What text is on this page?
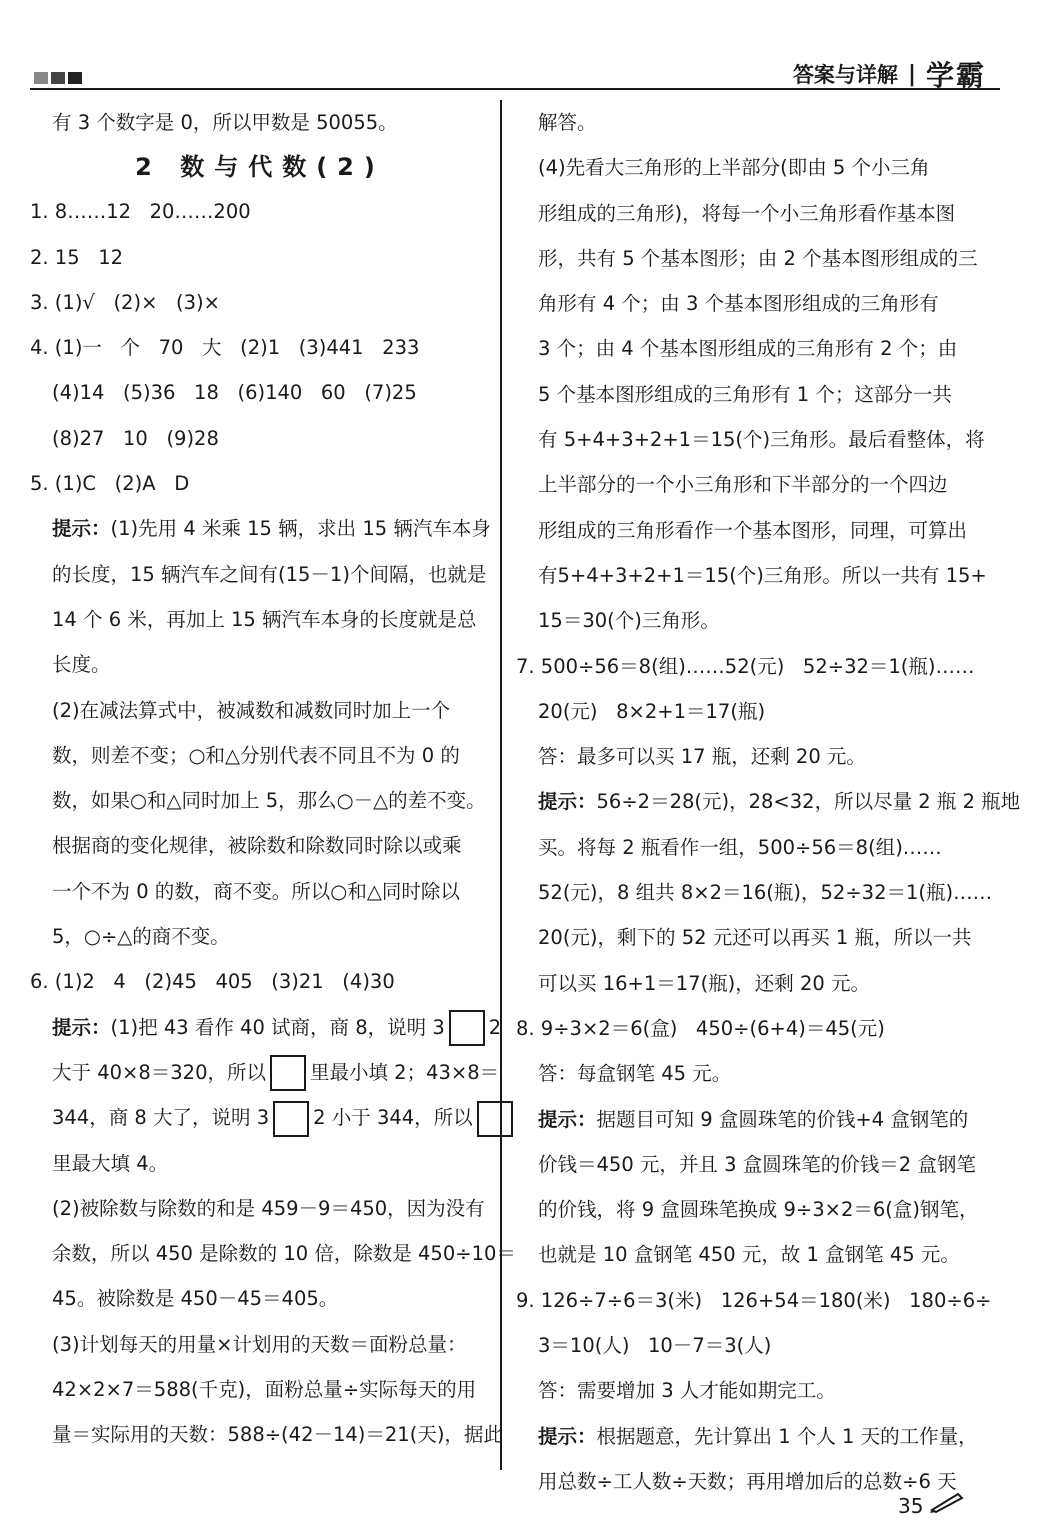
答案与详解 | 学霸
有 3 个数字是 0，所以甲数是 50055。
2 数与代数(2)
1. 8……12   20……200
2. 15   12
3. (1)√   (2)×   (3)×
4. (1)一   个   70   大   (2)1   (3)441   233
(4)14   (5)36   18   (6)140   60   (7)25
(8)27   10   (9)28
5. (1)C   (2)A   D
提示：(1)先用 4 米乘 15 辆，求出 15 辆汽车本身
的长度，15 辆汽车之间有(15－1)个间隔，也就是
14 个 6 米，再加上 15 辆汽车本身的长度就是总
长度。
(2)在减法算式中，被减数和减数同时加上一个
数，则差不变；○和△分别代表不同且不为 0 的
数，如果○和△同时加上 5，那么○－△的差不变。
根据商的变化规律，被除数和除数同时除以或乘
一个不为 0 的数，商不变。所以○和△同时除以
5，○÷△的商不变。
6. (1)2   4   (2)45   405   (3)21   (4)30
提示：(1)把 43 看作 40 试商，商 8，说明 3 2
大于 40×8＝320，所以 里最小填 2；43×8＝
344，商 8 大了，说明 3 2 小于 344，所以
里最大填 4。
(2)被除数与除数的和是 459－9＝450，因为没有
余数，所以 450 是除数的 10 倍，除数是 450÷10＝
45。被除数是 450－45＝405。
(3)计划每天的用量×计划用的天数＝面粉总量：
42×2×7＝588(千克)，面粉总量÷实际每天的用
量＝实际用的天数：588÷(42－14)＝21(天)，据此
解答。
(4)先看大三角形的上半部分(即由 5 个小三角
形组成的三角形)，将每一个小三角形看作基本图
形，共有 5 个基本图形；由 2 个基本图形组成的三
角形有 4 个；由 3 个基本图形组成的三角形有
3 个；由 4 个基本图形组成的三角形有 2 个；由
5 个基本图形组成的三角形有 1 个；这部分一共
有 5+4+3+2+1＝15(个)三角形。最后看整体，将
上半部分的一个小三角形和下半部分的一个四边
形组成的三角形看作一个基本图形，同理，可算出
有5+4+3+2+1＝15(个)三角形。所以一共有 15+
15＝30(个)三角形。
7. 500÷56＝8(组)……52(元)   52÷32＝1(瓶)……
20(元)   8×2+1＝17(瓶)
答：最多可以买 17 瓶，还剩 20 元。
提示：56÷2＝28(元)，28<32，所以尽量 2 瓶 2 瓶地
买。将每 2 瓶看作一组，500÷56＝8(组)……
52(元)，8 组共 8×2＝16(瓶)，52÷32＝1(瓶)……
20(元)，剩下的 52 元还可以再买 1 瓶，所以一共
可以买 16+1＝17(瓶)，还剩 20 元。
8. 9÷3×2＝6(盒)   450÷(6+4)＝45(元)
答：每盒钢笔 45 元。
提示：据题目可知 9 盒圆珠笔的价钱+4 盒钢笔的
价钱＝450 元，并且 3 盒圆珠笔的价钱＝2 盒钢笔
的价钱，将 9 盒圆珠笔换成 9÷3×2＝6(盒)钢笔，
也就是 10 盒钢笔 450 元，故 1 盒钢笔 45 元。
9. 126÷7÷6＝3(米)   126+54＝180(米)   180÷6÷
3＝10(人)   10－7＝3(人)
答：需要增加 3 人才能如期完工。
提示：根据题意，先计算出 1 个人 1 天的工作量，
用总数÷工人数÷天数；再用增加后的总数÷6 天
35
